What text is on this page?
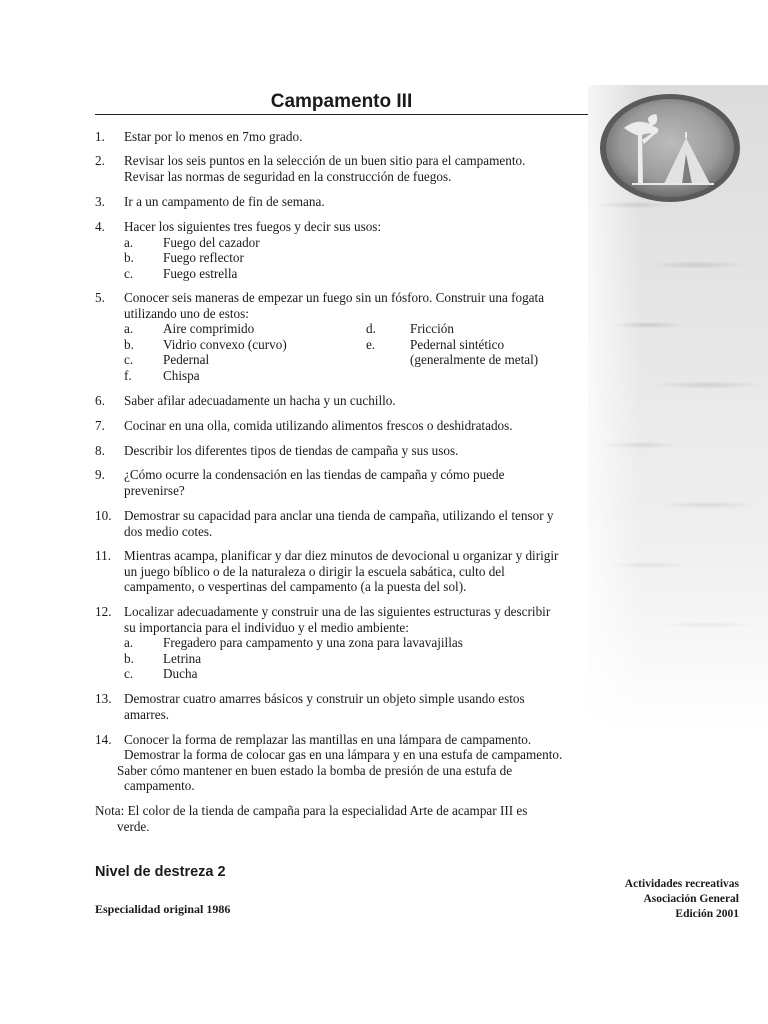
Campamento III
1. Estar por lo menos en 7mo grado.
2. Revisar los seis puntos en la selección de un buen sitio para el campamento.
Revisar las normas de seguridad en la construcción de fuegos.
3. Ir a un campamento de fin de semana.
4. Hacer los siguientes tres fuegos y decir sus usos:
a. Fuego del cazador
b. Fuego reflector
c. Fuego estrella
5. Conocer seis maneras de empezar un fuego sin un fósforo. Construir una fogata
utilizando uno de estos:
a. Aire comprimido	d.	Fricción
b. Vidrio convexo (curvo)	e.	Pedernal sintético
c. Pedernal	(generalmente de metal)
f. Chispa
6. Saber afilar adecuadamente un hacha y un cuchillo.
7. Cocinar en una olla, comida utilizando alimentos frescos o deshidratados.
8. Describir los diferentes tipos de tiendas de campaña y sus usos.
9. ¿Cómo ocurre la condensación en las tiendas de campaña y cómo puede
prevenirse?
10. Demostrar su capacidad para anclar una tienda de campaña, utilizando el tensor y
dos medio cotes.
11. Mientras acampa, planificar y dar diez minutos de devocional u organizar y dirigir
un juego bíblico o de la naturaleza o dirigir la escuela sabática, culto del
campamento, o vespertinas del campamento (a la puesta del sol).
12. Localizar adecuadamente y construir una de las siguientes estructuras y describir
su importancia para el individuo y el medio ambiente:
a. Fregadero para campamento y una zona para lavavajillas
b. Letrina
c. Ducha
13. Demostrar cuatro amarres básicos y construir un objeto simple usando estos
amarres.
14. Conocer la forma de remplazar las mantillas en una lámpara de campamento.
Demostrar la forma de colocar gas en una lámpara y en una estufa de campamento.
Saber cómo mantener en buen estado la bomba de presión de una estufa de
campamento.
Nota: El color de la tienda de campaña para la especialidad Arte de acampar III es
verde.
Nivel de destreza 2
Especialidad original 1986
Actividades recreativas
Asociación General
Edición 2001
